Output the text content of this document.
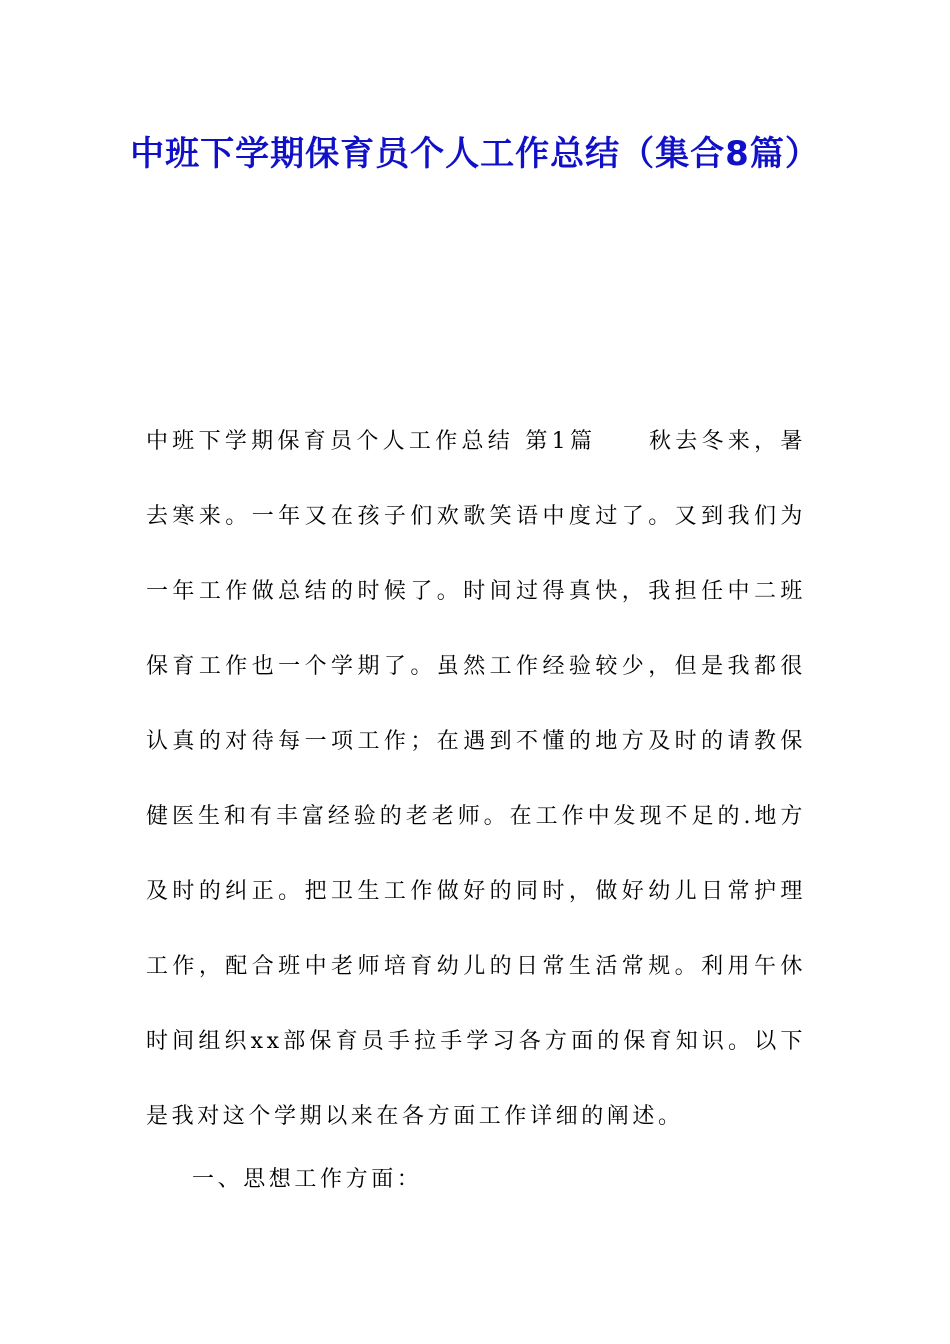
中班下学期保育员个人工作总结（集合8篇）

中班下学期保育员个人工作总结 第1篇 秋去冬来，暑去寒来。一年又在孩子们欢歌笑语中度过了。又到我们为一年工作做总结的时候了。时间过得真快，我担任中二班保育工作也一个学期了。虽然工作经验较少，但是我都很认真的对待每一项工作；在遇到不懂的地方及时的请教保健医生和有丰富经验的老老师。在工作中发现不足的.地方及时的纠正。把卫生工作做好的同时，做好幼儿日常护理工作，配合班中老师培育幼儿的日常生活常规。利用午休时间组织xx部保育员手拉手学习各方面的保育知识。以下是我对这个学期以来在各方面工作详细的阐述。

一、思想工作方面：
